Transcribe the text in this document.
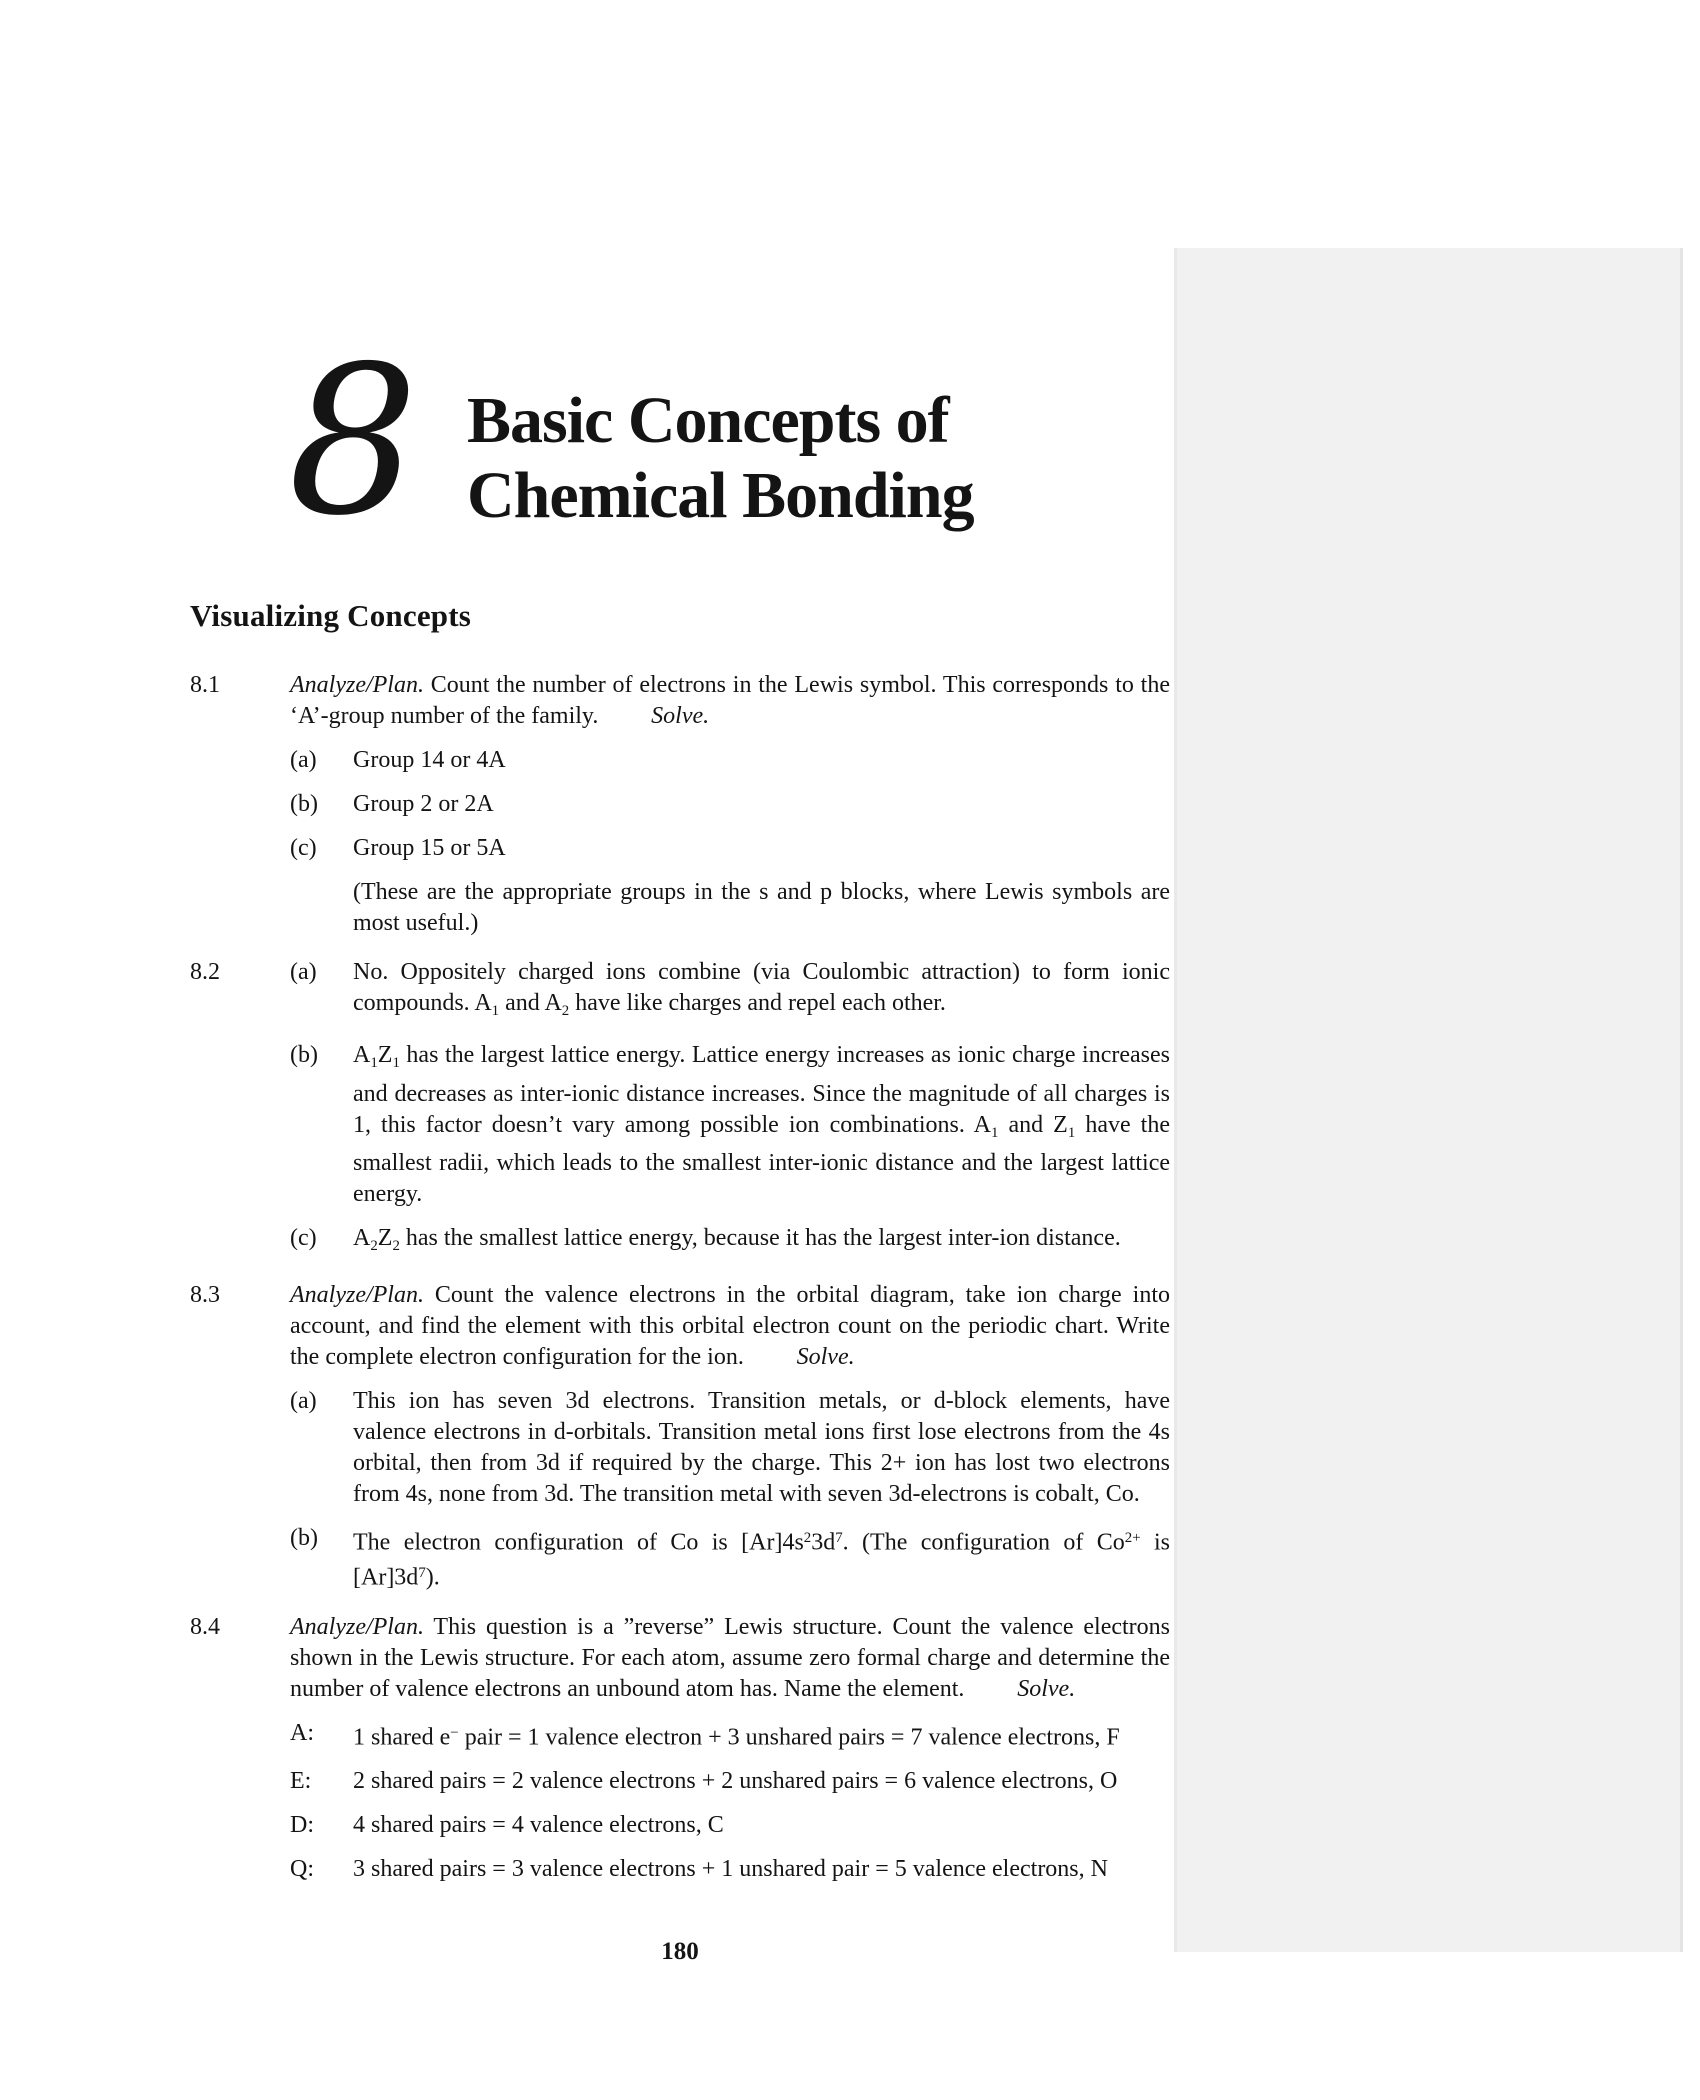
8 Basic Concepts of
Chemical Bonding
Visualizing Concepts
8.1	Analyze/Plan. Count the number of electrons in the Lewis symbol. This corresponds to the ‘A’-group number of the family. Solve.
(a)	Group 14 or 4A
(b)	Group 2 or 2A
(c)	Group 15 or 5A
(These are the appropriate groups in the s and p blocks, where Lewis symbols are most useful.)
8.2	(a)	No. Oppositely charged ions combine (via Coulombic attraction) to form ionic compounds. A1 and A2 have like charges and repel each other.
(b)	A1Z1 has the largest lattice energy. Lattice energy increases as ionic charge increases and decreases as inter-ionic distance increases. Since the magnitude of all charges is 1, this factor doesn’t vary among possible ion combinations. A1 and Z1 have the smallest radii, which leads to the smallest inter-ionic distance and the largest lattice energy.
(c)	A2Z2 has the smallest lattice energy, because it has the largest inter-ion distance.
8.3	Analyze/Plan. Count the valence electrons in the orbital diagram, take ion charge into account, and find the element with this orbital electron count on the periodic chart. Write the complete electron configuration for the ion. Solve.
(a)	This ion has seven 3d electrons. Transition metals, or d-block elements, have valence electrons in d-orbitals. Transition metal ions first lose electrons from the 4s orbital, then from 3d if required by the charge. This 2+ ion has lost two electrons from 4s, none from 3d. The transition metal with seven 3d-electrons is cobalt, Co.
(b)	The electron configuration of Co is $[Ar]4s^23d^7$. (The configuration of $Co^{2+}$ is $[Ar]3d^7$).
8.4	Analyze/Plan. This question is a ”reverse” Lewis structure. Count the valence electrons shown in the Lewis structure. For each atom, assume zero formal charge and determine the number of valence electrons an unbound atom has. Name the element. Solve.
A:	1 shared e− pair = 1 valence electron + 3 unshared pairs = 7 valence electrons, F
E:	2 shared pairs = 2 valence electrons + 2 unshared pairs = 6 valence electrons, O
D:	4 shared pairs = 4 valence electrons, C
Q:	3 shared pairs = 3 valence electrons + 1 unshared pair = 5 valence electrons, N
180
